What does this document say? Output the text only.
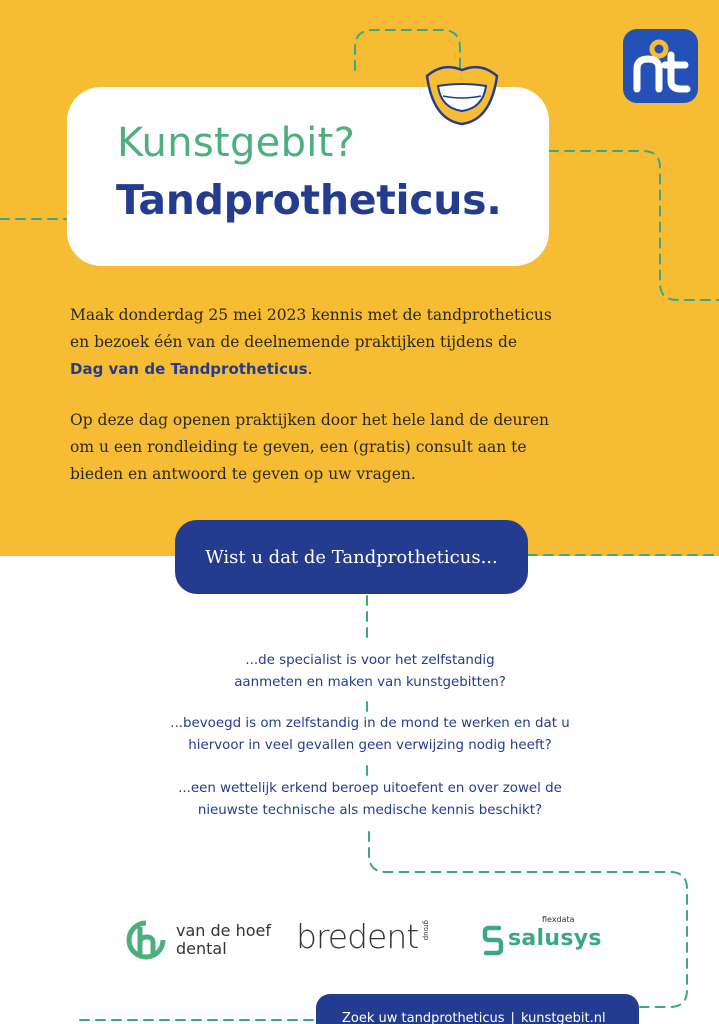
Kunstgebit?
Tandprotheticus.

Maak donderdag 25 mei 2023 kennis met de tandprotheticus
en bezoek één van de deelnemende praktijken tijdens de
Dag van de Tandprotheticus.

Op deze dag openen praktijken door het hele land de deuren
om u een rondleiding te geven, een (gratis) consult aan te
bieden en antwoord te geven op uw vragen.

Wist u dat de Tandprotheticus...
...de specialist is voor het zelfstandig
aanmeten en maken van kunstgebitten?
...bevoegd is om zelfstandig in de mond te werken en dat u
hiervoor in veel gevallen geen verwijzing nodig heeft?
...een wettelijk erkend beroep uitoefent en over zowel de
nieuwste technische als medische kennis beschikt?
van de hoef
dental	bredent group
flexdata
salusys
Zoek uw tandprotheticus | kunstgebit.nl
